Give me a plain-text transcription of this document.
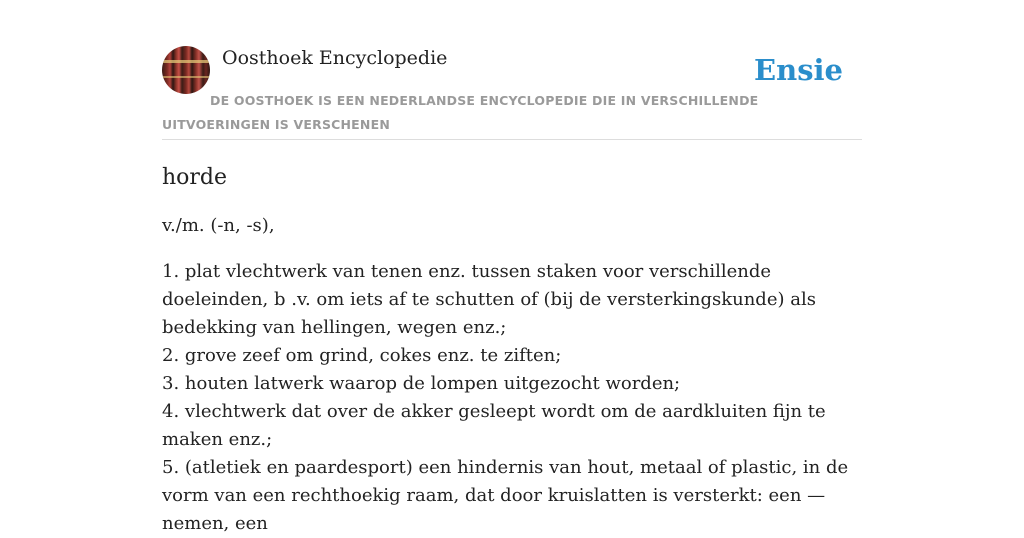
Oosthoek Encyclopedie	Ensie
DE OOSTHOEK IS EEN NEDERLANDSE ENCYCLOPEDIE DIE IN VERSCHILLENDE UITVOERINGEN IS VERSCHENEN
horde

v./m. (-n, -s),

1. plat vlechtwerk van tenen enz. tussen staken voor verschillende doeleinden, b .v. om iets af te schutten of (bij de versterkingskunde) als bedekking van hellingen, wegen enz.;
2. grove zeef om grind, cokes enz. te ziften;
3. houten latwerk waarop de lompen uitgezocht worden;
4. vlechtwerk dat over de akker gesleept wordt om de aardkluiten fijn te maken enz.;
5. (atletiek en paardesport) een hindernis van hout, metaal of plastic, in de vorm van een rechthoekig raam, dat door kruislatten is versterkt: een — nemen, een
